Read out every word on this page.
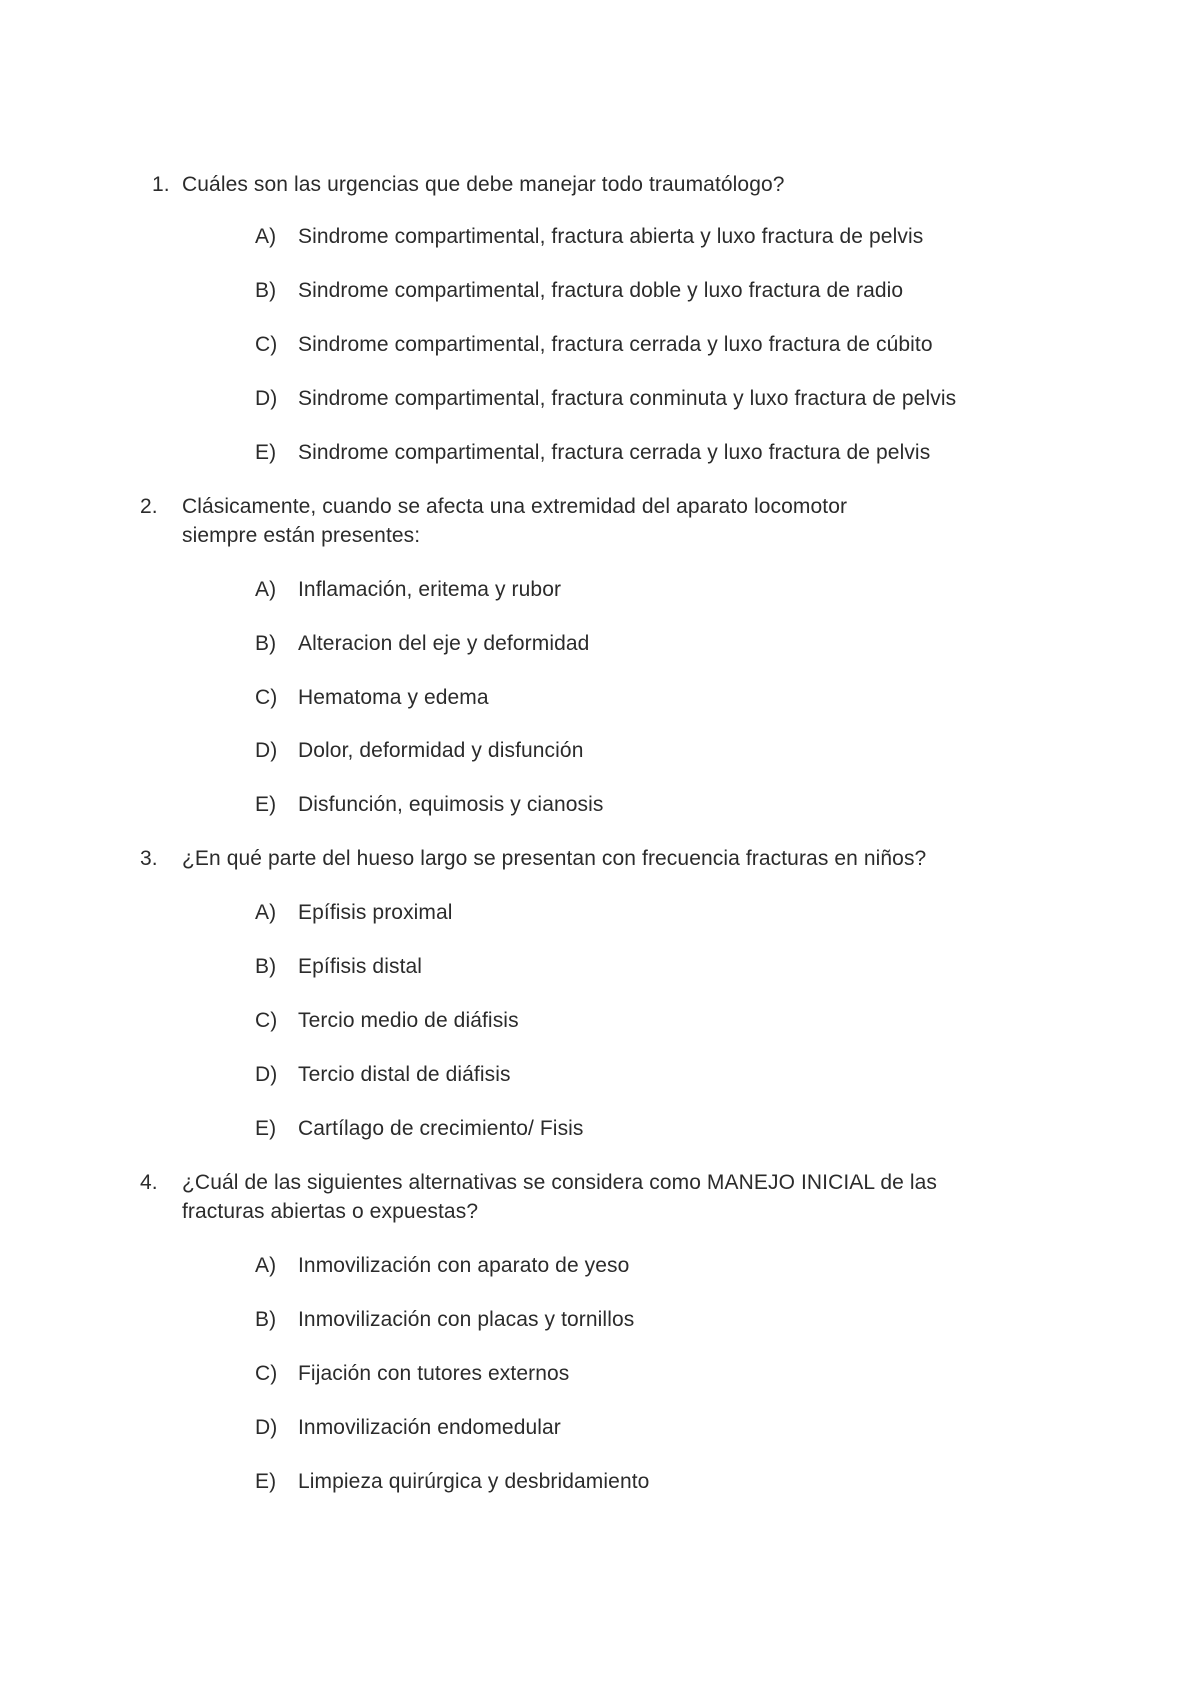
1. Cuáles son las urgencias que debe manejar todo traumatólogo?
A) Sindrome compartimental, fractura abierta y luxo fractura de pelvis
B) Sindrome compartimental, fractura doble y luxo fractura de radio
C) Sindrome compartimental, fractura cerrada y luxo fractura de cúbito
D) Sindrome compartimental, fractura conminuta y luxo fractura de pelvis
E) Sindrome compartimental, fractura cerrada y luxo fractura de pelvis
2.	Clásicamente, cuando se afecta una extremidad del aparato locomotor
siempre están presentes:
A) Inflamación, eritema y rubor
B) Alteracion del eje y deformidad
C) Hematoma y edema
D) Dolor, deformidad y disfunción
E) Disfunción, equimosis y cianosis
3.	¿En qué parte del hueso largo se presentan con frecuencia fracturas en niños?
A) Epífisis proximal
B) Epífisis distal
C) Tercio medio de diáfisis
D) Tercio distal de diáfisis
E) Cartílago de crecimiento/ Fisis
4.	¿Cuál de las siguientes alternativas se considera como MANEJO INICIAL de las
fracturas abiertas o expuestas?
A) Inmovilización con aparato de yeso
B) Inmovilización con placas y tornillos
C) Fijación con tutores externos
D) Inmovilización endomedular
E) Limpieza quirúrgica y desbridamiento
